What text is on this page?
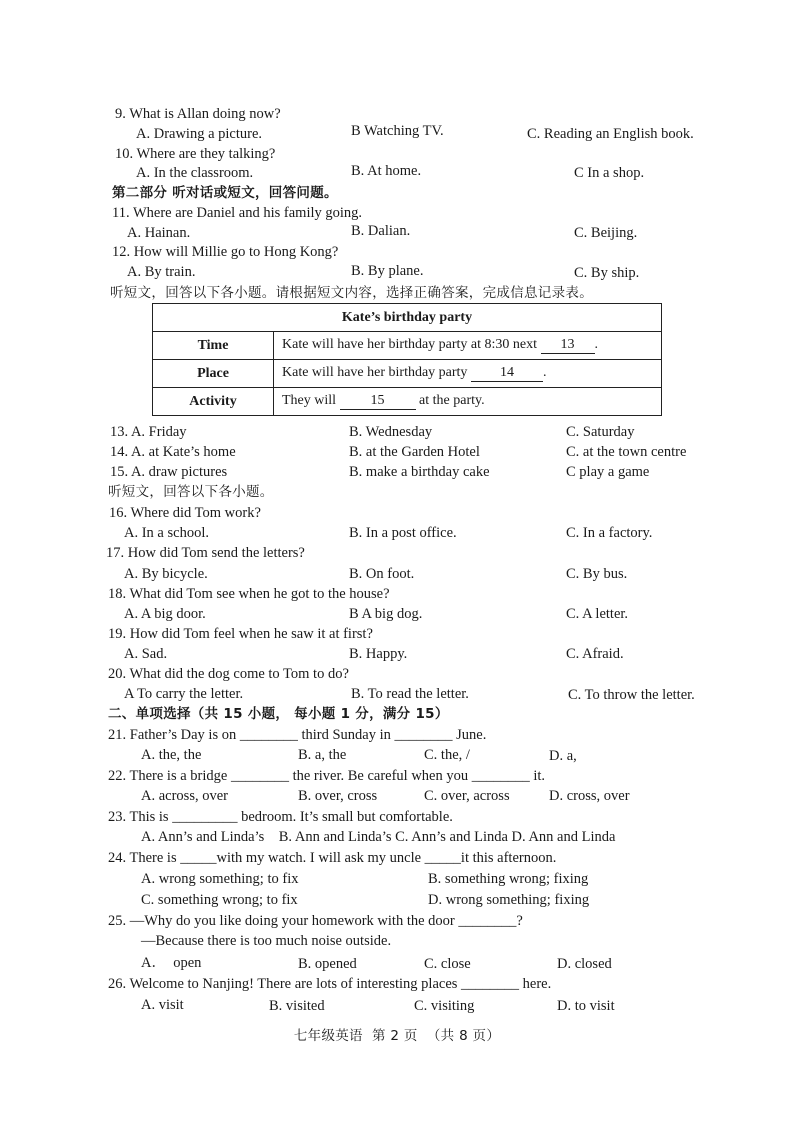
9. What is Allan doing now?
A. Drawing a picture.	B Watching TV.	C. Reading an English book.
10. Where are they talking?
A. In the classroom.	B. At home.	C In a shop.
第二部分 听对话或短文，回答问题。
11. Where are Daniel and his family going.
A. Hainan.	B. Dalian.	C. Beijing.
12. How will Millie go to Hong Kong?
A. By train.	B. By plane.	C. By ship.
听短文，回答以下各小题。请根据短文内容，选择正确答案，完成信息记录表。
Kate’s birthday party	
Time	Kate will have her birthday party at 8:30 next 13 .
Place	Kate will have her birthday party 14 .
Activity	They will 15 at the party.
13. A. Friday	B. Wednesday	C. Saturday
14. A. at Kate’s home	B. at the Garden Hotel	C. at the town centre
15. A. draw pictures	B. make a birthday cake	C play a game
听短文，回答以下各小题。
16. Where did Tom work?
A. In a school.	B. In a post office.	C. In a factory.
17. How did Tom send the letters?
A. By bicycle.	B. On foot.	C. By bus.
18. What did Tom see when he got to the house?
A. A big door.	B A big dog.	C. A letter.
19. How did Tom feel when he saw it at first?
A. Sad.	B. Happy.	C. Afraid.
20. What did the dog come to Tom to do?
A To carry the letter.	B. To read the letter.	C. To throw the letter.
二、单项选择（共 15 小题， 每小题 1 分，满分 15）
21. Father’s Day is on ________ third Sunday in ________ June.
A. the, the	B. a, the	C. the, /	D. a,
22. There is a bridge ________ the river. Be careful when you ________ it.
A. across, over	B. over, cross	C. over, across	D. cross, over
23. This is _________ bedroom. It’s small but comfortable.
A. Ann’s and Linda’s    B. Ann and Linda’s C. Ann’s and Linda D. Ann and Linda
24. There is _____with my watch. I will ask my uncle _____it this afternoon.
A. wrong something; to fix	B. something wrong; fixing
C. something wrong; to fix	D. wrong something; fixing
25. —Why do you like doing your homework with the door ________?
—Because there is too much noise outside.
A．  open	B. opened	C. close	D. closed
26. Welcome to Nanjing! There are lots of interesting places ________ here.
A. visit	B. visited	C. visiting	D. to visit
七年级英语  第 2 页  （共 8 页）
